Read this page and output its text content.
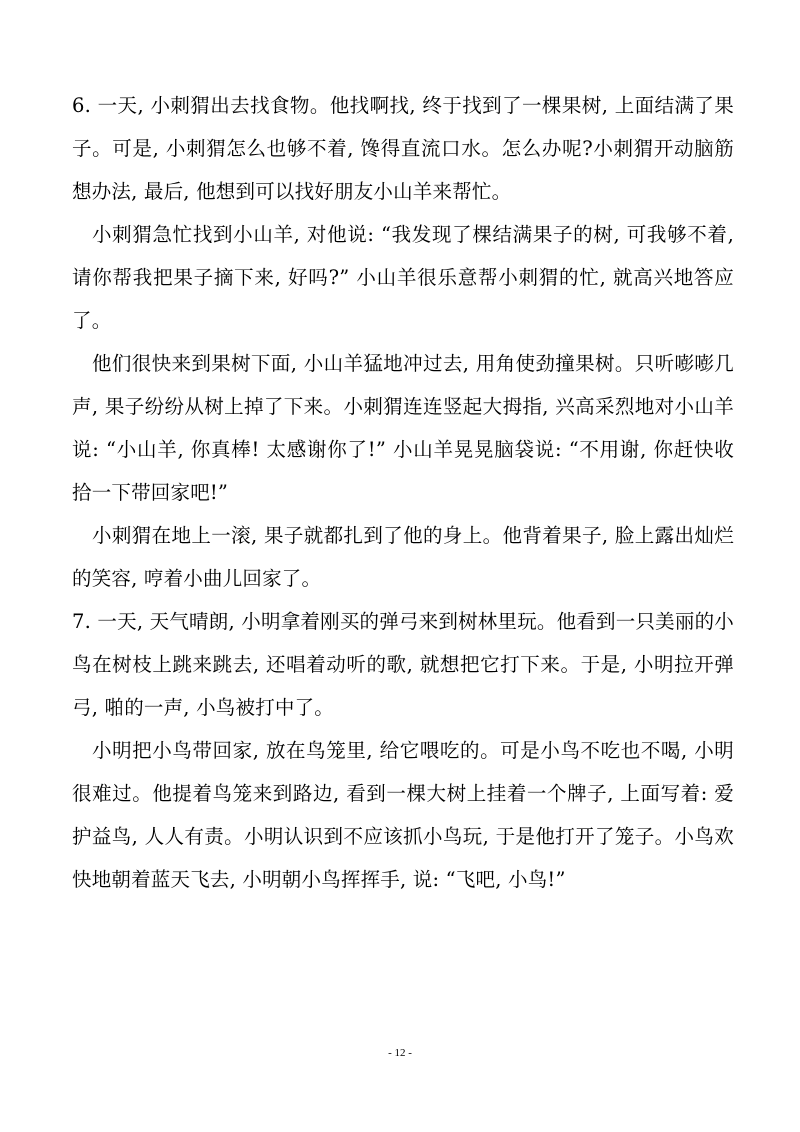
6. 一天, 小刺猬出去找食物。他找啊找, 终于找到了一棵果树, 上面结满了果子。可是, 小刺猬怎么也够不着, 馋得直流口水。怎么办呢?小刺猬开动脑筋想办法, 最后, 他想到可以找好朋友小山羊来帮忙。

小刺猬急忙找到小山羊, 对他说: “我发现了棵结满果子的树, 可我够不着, 请你帮我把果子摘下来, 好吗?” 小山羊很乐意帮小刺猬的忙, 就高兴地答应了。

他们很快来到果树下面, 小山羊猛地冲过去, 用角使劲撞果树。只听嘭嘭几声, 果子纷纷从树上掉了下来。小刺猬连连竖起大拇指, 兴高采烈地对小山羊说: “小山羊, 你真棒! 太感谢你了!” 小山羊晃晃脑袋说: “不用谢, 你赶快收拾一下带回家吧!”

小刺猬在地上一滚, 果子就都扎到了他的身上。他背着果子, 脸上露出灿烂的笑容, 哼着小曲儿回家了。

7. 一天, 天气晴朗, 小明拿着刚买的弹弓来到树林里玩。他看到一只美丽的小鸟在树枝上跳来跳去, 还唱着动听的歌, 就想把它打下来。于是, 小明拉开弹弓, 啪的一声, 小鸟被打中了。

小明把小鸟带回家, 放在鸟笼里, 给它喂吃的。可是小鸟不吃也不喝, 小明很难过。他提着鸟笼来到路边, 看到一棵大树上挂着一个牌子, 上面写着: 爱护益鸟, 人人有责。小明认识到不应该抓小鸟玩, 于是他打开了笼子。小鸟欢快地朝着蓝天飞去, 小明朝小鸟挥挥手, 说: “飞吧, 小鸟!”

- 12 -
